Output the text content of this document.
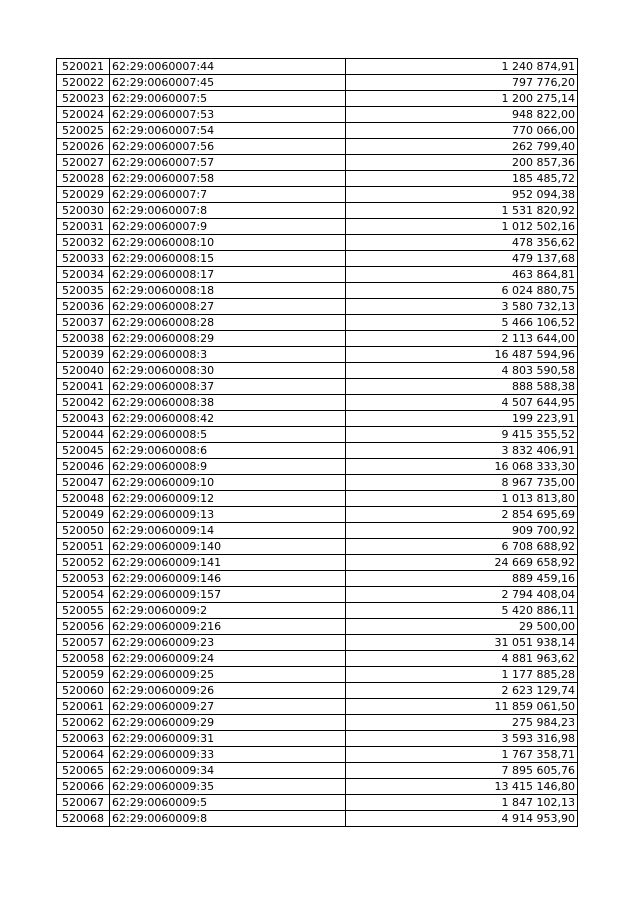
520021	62:29:0060007:44	1 240 874,91
520022	62:29:0060007:45	797 776,20
520023	62:29:0060007:5	1 200 275,14
520024	62:29:0060007:53	948 822,00
520025	62:29:0060007:54	770 066,00
520026	62:29:0060007:56	262 799,40
520027	62:29:0060007:57	200 857,36
520028	62:29:0060007:58	185 485,72
520029	62:29:0060007:7	952 094,38
520030	62:29:0060007:8	1 531 820,92
520031	62:29:0060007:9	1 012 502,16
520032	62:29:0060008:10	478 356,62
520033	62:29:0060008:15	479 137,68
520034	62:29:0060008:17	463 864,81
520035	62:29:0060008:18	6 024 880,75
520036	62:29:0060008:27	3 580 732,13
520037	62:29:0060008:28	5 466 106,52
520038	62:29:0060008:29	2 113 644,00
520039	62:29:0060008:3	16 487 594,96
520040	62:29:0060008:30	4 803 590,58
520041	62:29:0060008:37	888 588,38
520042	62:29:0060008:38	4 507 644,95
520043	62:29:0060008:42	199 223,91
520044	62:29:0060008:5	9 415 355,52
520045	62:29:0060008:6	3 832 406,91
520046	62:29:0060008:9	16 068 333,30
520047	62:29:0060009:10	8 967 735,00
520048	62:29:0060009:12	1 013 813,80
520049	62:29:0060009:13	2 854 695,69
520050	62:29:0060009:14	909 700,92
520051	62:29:0060009:140	6 708 688,92
520052	62:29:0060009:141	24 669 658,92
520053	62:29:0060009:146	889 459,16
520054	62:29:0060009:157	2 794 408,04
520055	62:29:0060009:2	5 420 886,11
520056	62:29:0060009:216	29 500,00
520057	62:29:0060009:23	31 051 938,14
520058	62:29:0060009:24	4 881 963,62
520059	62:29:0060009:25	1 177 885,28
520060	62:29:0060009:26	2 623 129,74
520061	62:29:0060009:27	11 859 061,50
520062	62:29:0060009:29	275 984,23
520063	62:29:0060009:31	3 593 316,98
520064	62:29:0060009:33	1 767 358,71
520065	62:29:0060009:34	7 895 605,76
520066	62:29:0060009:35	13 415 146,80
520067	62:29:0060009:5	1 847 102,13
520068	62:29:0060009:8	4 914 953,90
